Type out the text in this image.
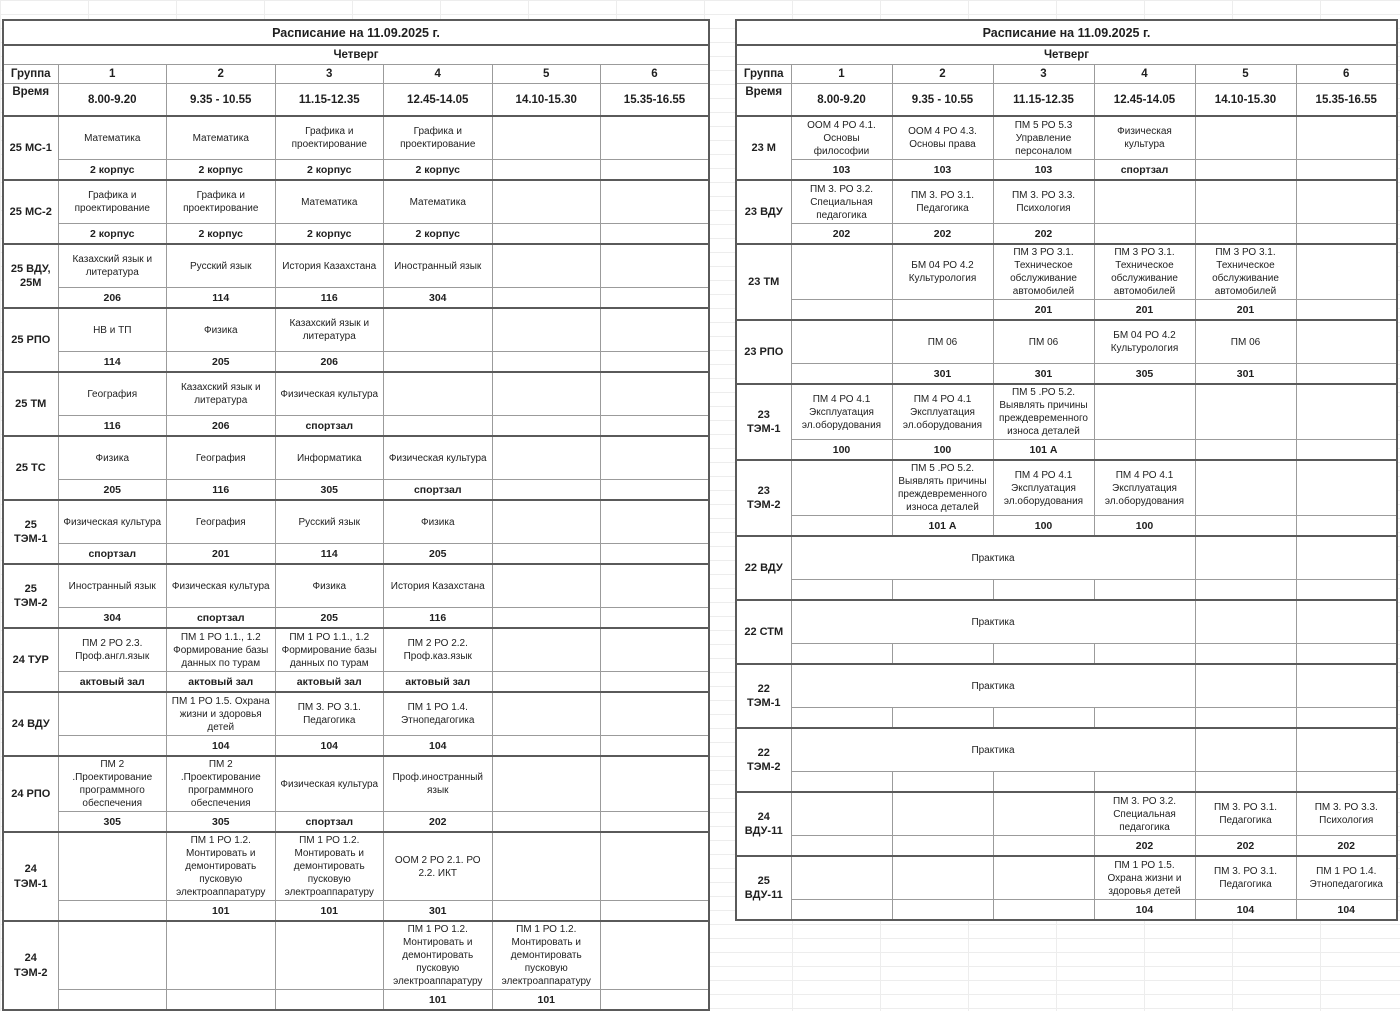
Расписание на 11.09.2025 г.						
Четверг						
Группа	1	2	3	4	5	6
Время	8.00-9.20	9.35 - 10.55	11.15-12.35	12.45-14.05	14.10-15.30	15.35-16.55
25 МС-1	Математика	Математика	Графика и проектирование	Графика и проектирование		
	2 корпус	2 корпус	2 корпус	2 корпус		
25 МС-2	Графика и проектирование	Графика и проектирование	Математика	Математика		
	2 корпус	2 корпус	2 корпус	2 корпус		
25 ВДУ, 25М	Казахский язык и литература	Русский язык	История Казахстана	Иностранный язык		
	206	114	116	304		
25 РПО	НВ и ТП	Физика	Казахский язык и литература			
	114	205	206			
25 ТМ	География	Казахский язык и литература	Физическая культура			
	116	206	спортзал			
25 ТС	Физика	География	Информатика	Физическая культура		
	205	116	305	спортзал		
25 ТЭМ-1	Физическая культура	География	Русский язык	Физика		
	спортзал	201	114	205		
25 ТЭМ-2	Иностранный язык	Физическая культура	Физика	История Казахстана		
	304	спортзал	205	116		
24 ТУР	ПМ 2 РО 2.3. Проф.англ.язык	ПМ 1 РО 1.1., 1.2 Формирование базы данных по турам	ПМ 1 РО 1.1., 1.2 Формирование базы данных по турам	ПМ 2 РО 2.2. Проф.каз.язык		
	актовый зал	актовый зал	актовый зал	актовый зал		
24 ВДУ		ПМ 1 РО 1.5. Охрана жизни и здоровья детей	ПМ 3. РО 3.1. Педагогика	ПМ 1 РО 1.4. Этнопедагогика		
		104	104	104		
24 РПО	ПМ 2 .Проектирование программного обеспечения	ПМ 2 .Проектирование программного обеспечения	Физическая культура	Проф.иностранный язык		
	305	305	спортзал	202		
24 ТЭМ-1		ПМ 1 РО 1.2. Монтировать и демонтировать пусковую электроаппаратуру	ПМ 1 РО 1.2. Монтировать и демонтировать пусковую электроаппаратуру	ООМ 2 РО 2.1. РО 2.2. ИКТ		
		101	101	301		
24 ТЭМ-2				ПМ 1 РО 1.2. Монтировать и демонтировать пусковую электроаппаратуру	ПМ 1 РО 1.2. Монтировать и демонтировать пусковую электроаппаратуру	
				101	101	
Расписание на 11.09.2025 г.						
Четверг						
Группа	1	2	3	4	5	6
Время	8.00-9.20	9.35 - 10.55	11.15-12.35	12.45-14.05	14.10-15.30	15.35-16.55
23 М	ООМ 4 РО 4.1. Основы философии	ООМ 4 РО 4.3. Основы права	ПМ 5 РО 5.3 Управление персоналом	Физическая культура		
	103	103	103	спортзал		
23 ВДУ	ПМ 3. РО 3.2. Специальная педагогика	ПМ 3. РО 3.1. Педагогика	ПМ 3. РО 3.3. Психология			
	202	202	202			
23 ТМ		БМ 04 РО 4.2 Культурология	ПМ 3 РО 3.1. Техническое обслуживание автомобилей	ПМ 3 РО 3.1. Техническое обслуживание автомобилей	ПМ 3 РО 3.1. Техническое обслуживание автомобилей	
			201	201	201	
23 РПО		ПМ 06	ПМ 06	БМ 04 РО 4.2 Культурология	ПМ 06	
		301	301	305	301	
23 ТЭМ-1	ПМ 4 РО 4.1 Эксплуатация эл.оборудования	ПМ 4 РО 4.1 Эксплуатация эл.оборудования	ПМ 5 .РО 5.2. Выявлять причины преждевременного износа деталей			
	100	100	101 А			
23 ТЭМ-2		ПМ 5 .РО 5.2. Выявлять причины преждевременного износа деталей	ПМ 4 РО 4.1 Эксплуатация эл.оборудования	ПМ 4 РО 4.1 Эксплуатация эл.оборудования		
		101 А	100	100		
22 ВДУ	Практика					

22 СТМ	Практика					

22 ТЭМ-1	Практика					

22 ТЭМ-2	Практика					

24 ВДУ-11				ПМ 3. РО 3.2. Специальная педагогика	ПМ 3. РО 3.1. Педагогика	ПМ 3. РО 3.3. Психология
				202	202	202
25 ВДУ-11				ПМ 1 РО 1.5. Охрана жизни и здоровья детей	ПМ 3. РО 3.1. Педагогика	ПМ 1 РО 1.4. Этнопедагогика
				104	104	104
